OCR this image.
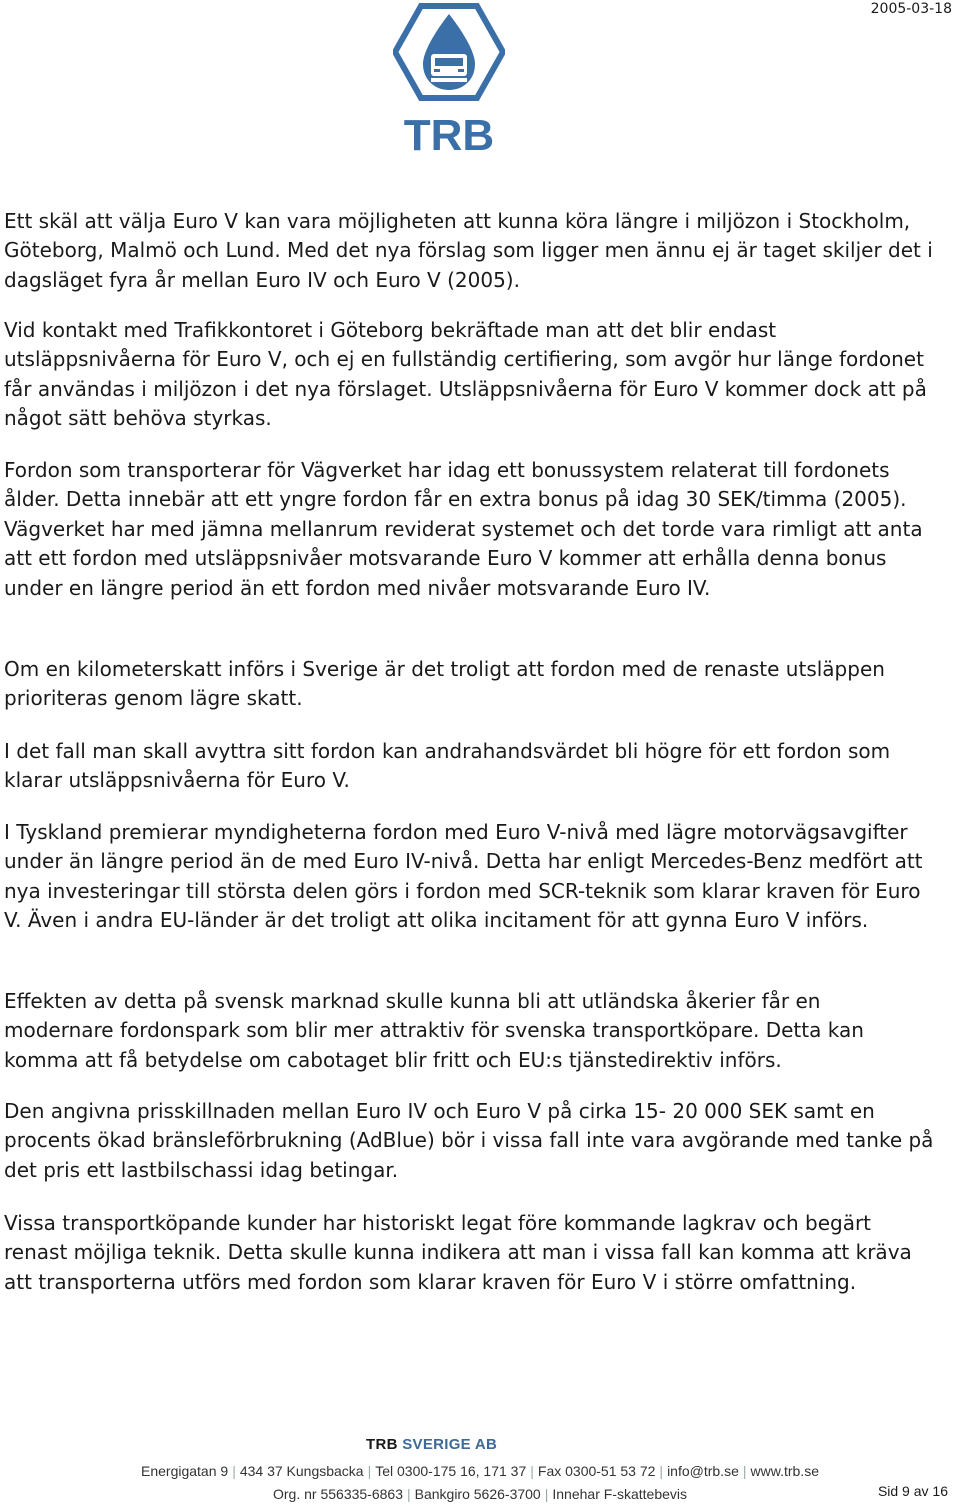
2005-03-18
TRB

Ett skäl att välja Euro V kan vara möjligheten att kunna köra längre i miljözon i Stockholm, Göteborg, Malmö och Lund. Med det nya förslag som ligger men ännu ej är taget skiljer det i dagsläget fyra år mellan Euro IV och Euro V (2005).

Vid kontakt med Trafikkontoret i Göteborg bekräftade man att det blir endast utsläppsnivåerna för Euro V, och ej en fullständig certifiering, som avgör hur länge fordonet får användas i miljözon i det nya förslaget. Utsläppsnivåerna för Euro V kommer dock att på något sätt behöva styrkas.

Fordon som transporterar för Vägverket har idag ett bonussystem relaterat till fordonets ålder. Detta innebär att ett yngre fordon får en extra bonus på idag 30 SEK/timma (2005). Vägverket har med jämna mellanrum reviderat systemet och det torde vara rimligt att anta att ett fordon med utsläppsnivåer motsvarande Euro V kommer att erhålla denna bonus under en längre period än ett fordon med nivåer motsvarande Euro IV.

Om en kilometerskatt införs i Sverige är det troligt att fordon med de renaste utsläppen prioriteras genom lägre skatt.

I det fall man skall avyttra sitt fordon kan andrahandsvärdet bli högre för ett fordon som klarar utsläppsnivåerna för Euro V.

I Tyskland premierar myndigheterna fordon med Euro V-nivå med lägre motorvägsavgifter under än längre period än de med Euro IV-nivå. Detta har enligt Mercedes-Benz medfört att nya investeringar till största delen görs i fordon med SCR-teknik som klarar kraven för Euro V. Även i andra EU-länder är det troligt att olika incitament för att gynna Euro V införs.

Effekten av detta på svensk marknad skulle kunna bli att utländska åkerier får en modernare fordonspark som blir mer attraktiv för svenska transportköpare. Detta kan komma att få betydelse om cabotaget blir fritt och EU:s tjänstedirektiv införs.

Den angivna prisskillnaden mellan Euro IV och Euro V på cirka 15- 20 000 SEK samt en procents ökad bränsleförbrukning (AdBlue) bör i vissa fall inte vara avgörande med tanke på det pris ett lastbilschassi idag betingar.

Vissa transportköpande kunder har historiskt legat före kommande lagkrav och begärt renast möjliga teknik. Detta skulle kunna indikera att man i vissa fall kan komma att kräva att transporterna utförs med fordon som klarar kraven för Euro V i större omfattning.

TRB SVERIGE AB
Energigatan 9 | 434 37 Kungsbacka | Tel 0300-175 16, 171 37 | Fax 0300-51 53 72 | info@trb.se | www.trb.se
Org. nr 556335-6863 | Bankgiro 5626-3700 | Innehar F-skattebevis	Sid 9 av 16
